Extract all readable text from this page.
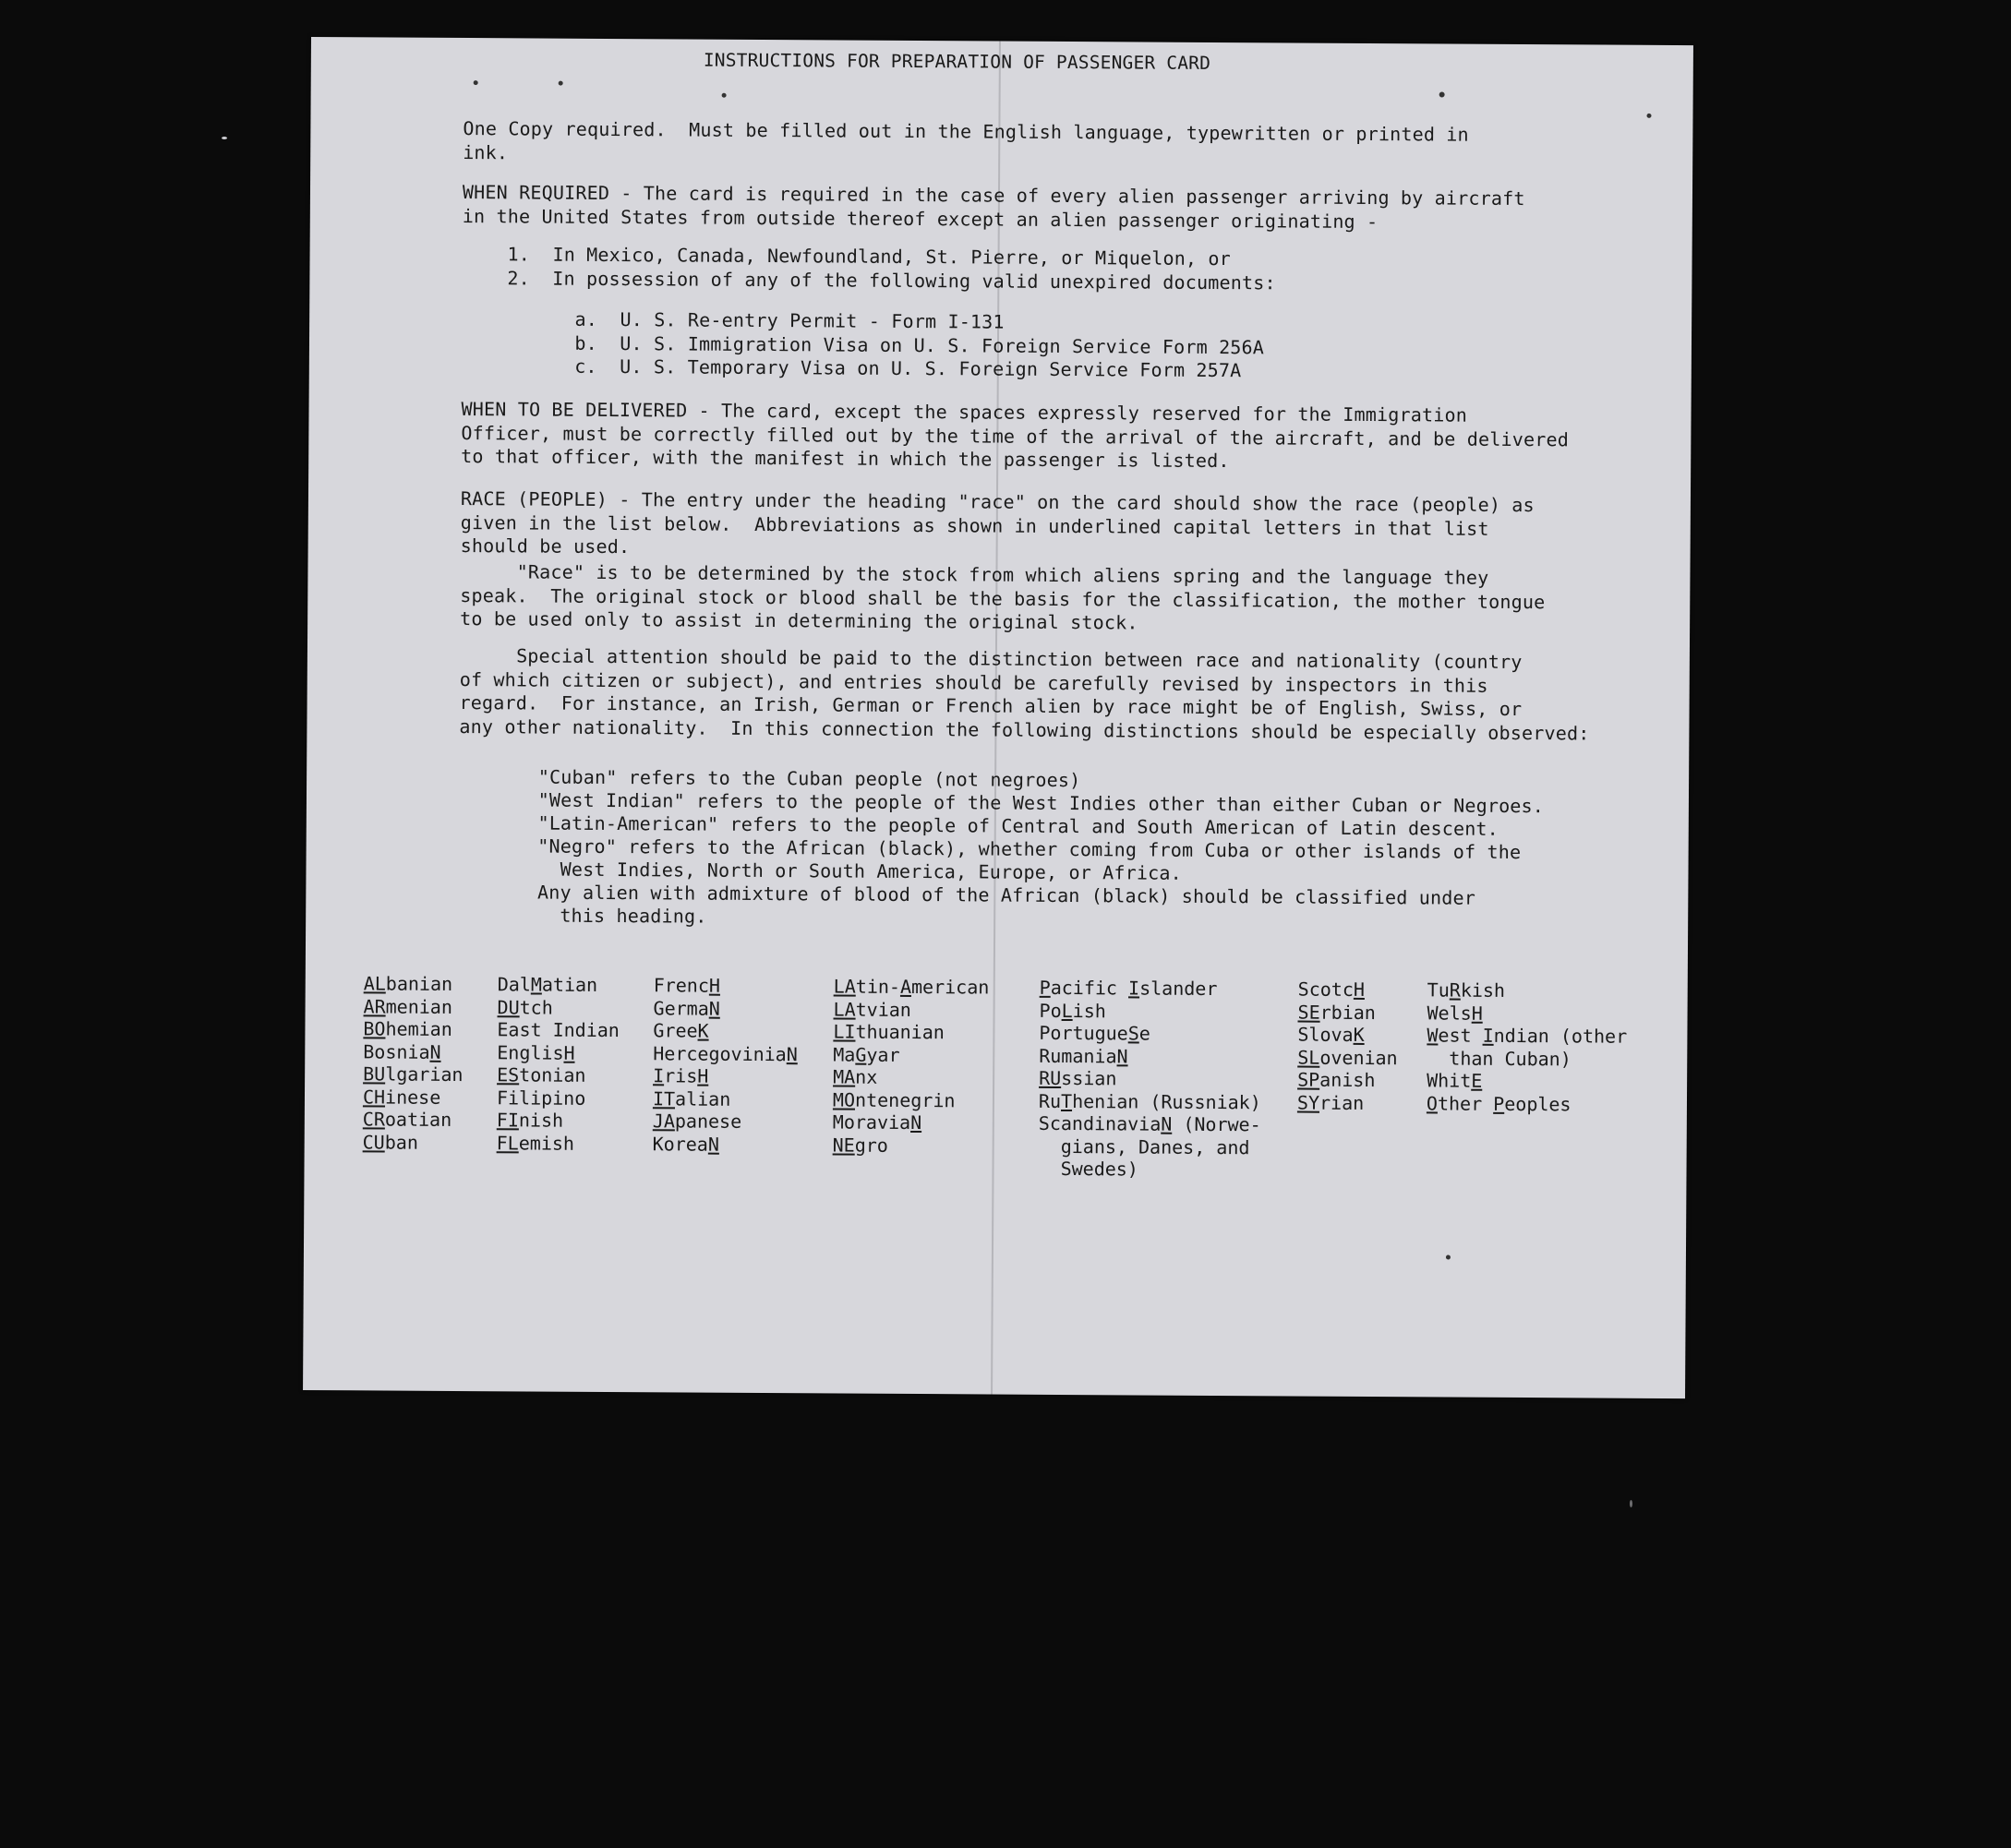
INSTRUCTIONS FOR PREPARATION OF PASSENGER CARD
One Copy required.  Must be filled out in the English language, typewritten or printed in
ink.
WHEN REQUIRED - The card is required in the case of every alien passenger arriving by aircraft
in the United States from outside thereof except an alien passenger originating -
1.  In Mexico, Canada, Newfoundland, St. Pierre, or Miquelon, or
2.  In possession of any of the following valid unexpired documents:
a.  U. S. Re-entry Permit - Form I-131
b.  U. S. Immigration Visa on U. S. Foreign Service Form 256A
c.  U. S. Temporary Visa on U. S. Foreign Service Form 257A
WHEN TO BE DELIVERED - The card, except the spaces expressly reserved for the Immigration
Officer, must be correctly filled out by the time of the arrival of the aircraft, and be delivered
to that officer, with the manifest in which the passenger is listed.
RACE (PEOPLE) - The entry under the heading "race" on the card should show the race (people) as
given in the list below.  Abbreviations as shown in underlined capital letters in that list
should be used.
"Race" is to be determined by the stock from which aliens spring and the language they
speak.  The original stock or blood shall be the basis for the classification, the mother tongue
to be used only to assist in determining the original stock.
Special attention should be paid to the distinction between race and nationality (country
of which citizen or subject), and entries should be carefully revised by inspectors in this
regard.  For instance, an Irish, German or French alien by race might be of English, Swiss, or
any other nationality.  In this connection the following distinctions should be especially observed:
"Cuban" refers to the Cuban people (not negroes)
"West Indian" refers to the people of the West Indies other than either Cuban or Negroes.
"Latin-American" refers to the people of Central and South American of Latin descent.
"Negro" refers to the African (black), whether coming from Cuba or other islands of the
West Indies, North or South America, Europe, or Africa.
Any alien with admixture of blood of the African (black) should be classified under
this heading.
ALbanian
ARmenian
BOhemian
BosniaN
BUlgarian
CHinese
CRoatian
CUban
DalMatian
DUtch
East Indian
EnglisH
EStonian
Filipino
FInish
FLemish
FrencH
GermaN
GreeK
HercegoviniaN
IrisH
ITalian
JApanese
KoreaN
LAtin-American
LAtvian
LIthuanian
MaGyar
MAnx
MOntenegrin
MoraviaN
NEgro
Pacific Islander
PoLish
PortugueSe
RumaniaN
RUssian
RuThenian (Russniak)
ScandinaviaN (Norwe-
gians, Danes, and
Swedes)
ScotcH
SErbian
SlovaK
SLovenian
SPanish
SYrian
TuRkish
WelsH
West Indian (other
than Cuban)
WhitE
Other Peoples
